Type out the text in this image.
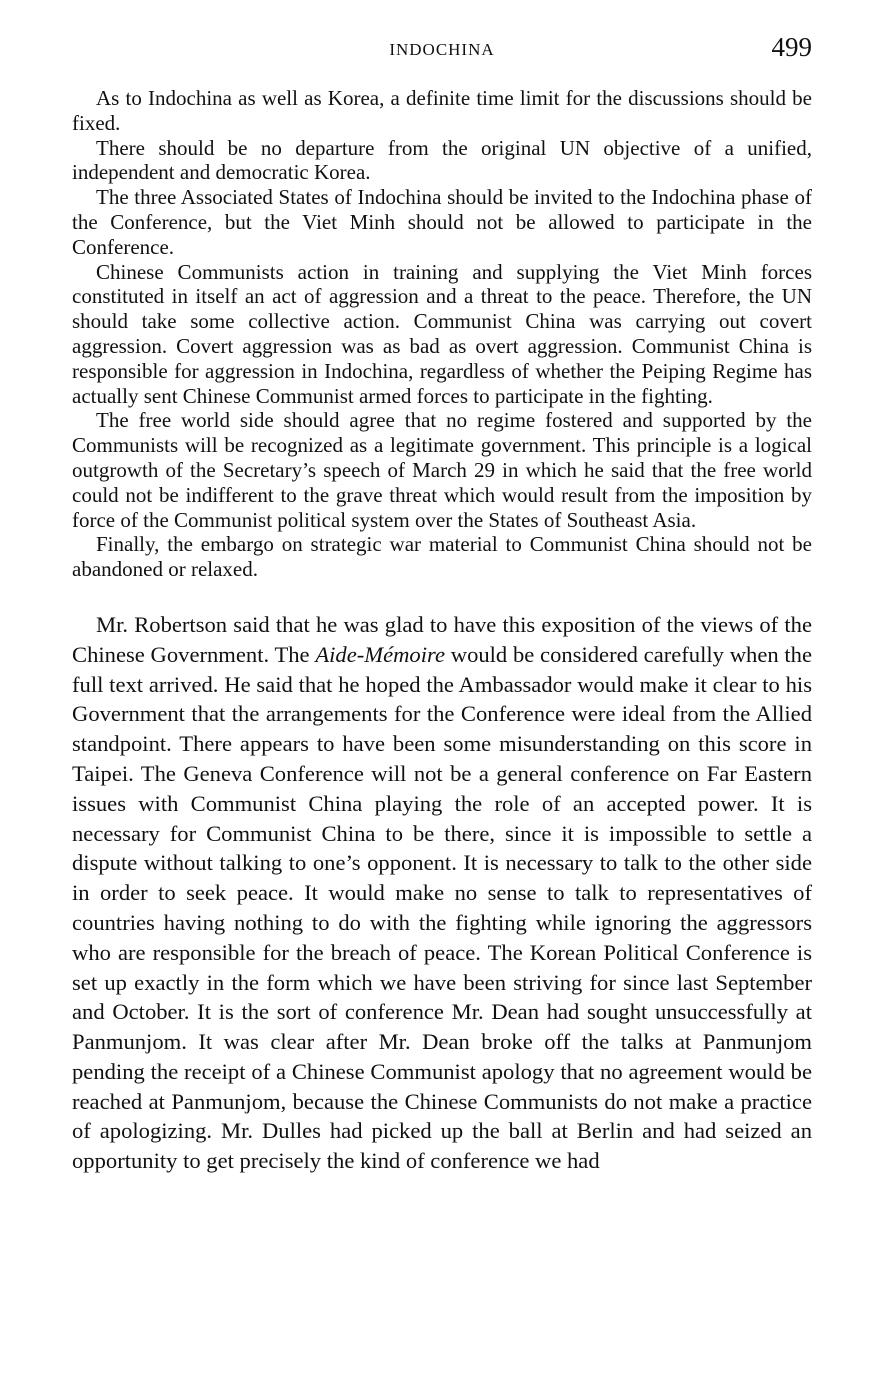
INDOCHINA	499

As to Indochina as well as Korea, a definite time limit for the discussions should be fixed.

There should be no departure from the original UN objective of a unified, independent and democratic Korea.

The three Associated States of Indochina should be invited to the Indochina phase of the Conference, but the Viet Minh should not be allowed to participate in the Conference.

Chinese Communists action in training and supplying the Viet Minh forces constituted in itself an act of aggression and a threat to the peace. Therefore, the UN should take some collective action. Communist China was carrying out covert aggression. Covert aggression was as bad as overt aggression. Communist China is responsible for aggression in Indochina, regardless of whether the Peiping Regime has actually sent Chinese Communist armed forces to participate in the fighting.

The free world side should agree that no regime fostered and supported by the Communists will be recognized as a legitimate government. This principle is a logical outgrowth of the Secretary’s speech of March 29 in which he said that the free world could not be indifferent to the grave threat which would result from the imposition by force of the Communist political system over the States of Southeast Asia.

Finally, the embargo on strategic war material to Communist China should not be abandoned or relaxed.

Mr. Robertson said that he was glad to have this exposition of the views of the Chinese Government. The Aide-Mémoire would be considered carefully when the full text arrived. He said that he hoped the Ambassador would make it clear to his Government that the arrangements for the Conference were ideal from the Allied standpoint. There appears to have been some misunderstanding on this score in Taipei. The Geneva Conference will not be a general conference on Far Eastern issues with Communist China playing the role of an accepted power. It is necessary for Communist China to be there, since it is impossible to settle a dispute without talking to one’s opponent. It is necessary to talk to the other side in order to seek peace. It would make no sense to talk to representatives of countries having nothing to do with the fighting while ignoring the aggressors who are responsible for the breach of peace. The Korean Political Conference is set up exactly in the form which we have been striving for since last September and October. It is the sort of conference Mr. Dean had sought unsuccessfully at Panmunjom. It was clear after Mr. Dean broke off the talks at Panmunjom pending the receipt of a Chinese Communist apology that no agreement would be reached at Panmunjom, because the Chinese Communists do not make a practice of apologizing. Mr. Dulles had picked up the ball at Berlin and had seized an opportunity to get precisely the kind of conference we had
